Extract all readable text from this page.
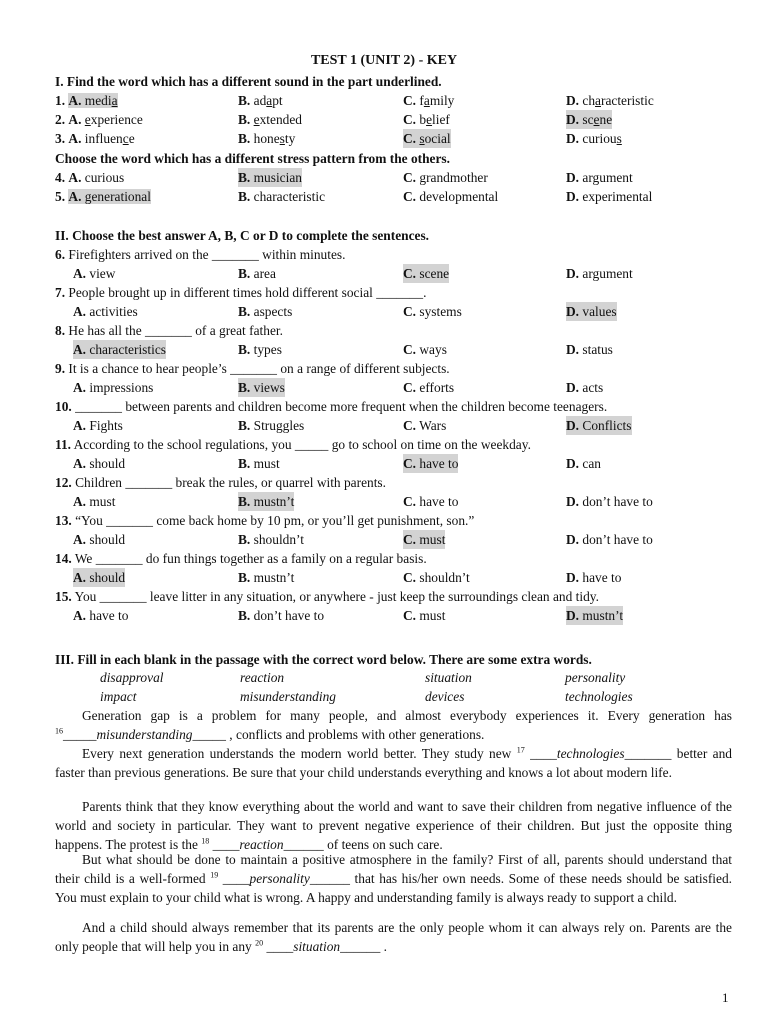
TEST 1 (UNIT 2) - KEY
I. Find the word which has a different sound in the part underlined.
1. A. media	B. adapt	C. family	D. characteristic
2. A. experience	B. extended	C. belief	D. scene
3. A. influence	B. honesty	C. social	D. curious
Choose the word which has a different stress pattern from the others.
4. A. curious	B. musician	C. grandmother	D. argument
5. A. generational	B. characteristic	C. developmental	D. experimental
II. Choose the best answer A, B, C or D to complete the sentences.
6. Firefighters arrived on the _______ within minutes.
A. view	B. area	C. scene	D. argument
7. People brought up in different times hold different social _______.
A. activities	B. aspects	C. systems	D. values
8. He has all the _______ of a great father.
A. characteristics	B. types	C. ways	D. status
9. It is a chance to hear people’s _______ on a range of different subjects.
A. impressions	B. views	C. efforts	D. acts
10. _______ between parents and children become more frequent when the children become teenagers.
A. Fights	B. Struggles	C. Wars	D. Conflicts
11. According to the school regulations, you _____ go to school on time on the weekday.
A. should	B. must	C. have to	D. can
12. Children _______ break the rules, or quarrel with parents.
A. must	B. mustn’t	C. have to	D. don’t have to
13. “You _______ come back home by 10 pm, or you’ll get punishment, son.”
A. should	B. shouldn’t	C. must	D. don’t have to
14. We _______ do fun things together as a family on a regular basis.
A. should	B. mustn’t	C. shouldn’t	D. have to
15. You _______ leave litter in any situation, or anywhere - just keep the surroundings clean and tidy.
A. have to	B. don’t have to	C. must	D. mustn’t
III. Fill in each blank in the passage with the correct word below. There are some extra words.
disapproval	reaction	situation	personality
impact	misunderstanding	devices	technologies
Generation gap is a problem for many people, and almost everybody experiences it. Every generation has $^{16}$_____misunderstanding_____ , conflicts and problems with other generations.
Every next generation understands the modern world better. They study new $^{17}$ ____technologies_______ better and faster than previous generations. Be sure that your child understands everything and knows a lot about modern life.
Parents think that they know everything about the world and want to save their children from negative influence of the world and society in particular. They want to prevent negative experience of their children. But just the opposite thing happens. The protest is the $^{18}$ ____reaction______ of teens on such care.
But what should be done to maintain a positive atmosphere in the family? First of all, parents should understand that their child is a well-formed $^{19}$ ____personality______ that has his/her own needs. Some of these needs should be satisfied. You must explain to your child what is wrong. A happy and understanding family is always ready to support a child.
And a child should always remember that its parents are the only people whom it can always rely on. Parents are the only people that will help you in any $^{20}$ ____situation______ .
1
